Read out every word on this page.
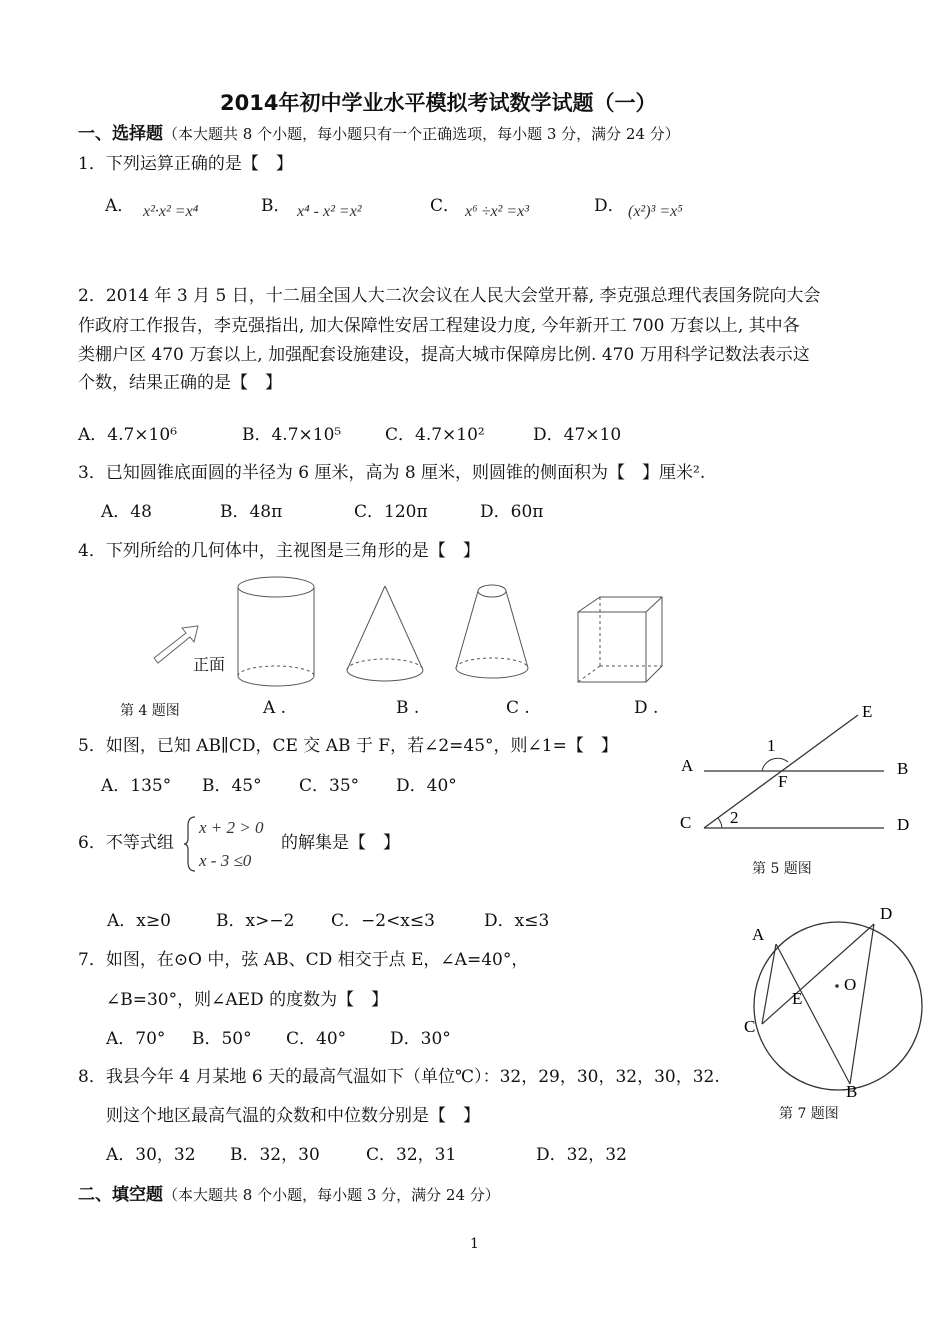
2014年初中学业水平模拟考试数学试题（一）
一、选择题（本大题共 8 个小题，每小题只有一个正确选项，每小题 3 分，满分 24 分）
1．下列运算正确的是【　】
A． x²·x² =x⁴	B． x⁴ - x² =x²	C． x⁶ ÷x² =x³	D． (x²)³ =x⁵
2．2014 年 3 月 5 日，十二届全国人大二次会议在人民大会堂开幕, 李克强总理代表国务院向大会
作政府工作报告，李克强指出, 加大保障性安居工程建设力度, 今年新开工 700 万套以上, 其中各
类棚户区 470 万套以上, 加强配套设施建设，提高大城市保障房比例. 470 万用科学记数法表示这
个数，结果正确的是【　】
A．4.7×10⁶	B．4.7×10⁵	C．4.7×10²	D．47×10
3．已知圆锥底面圆的半径为 6 厘米，高为 8 厘米，则圆锥的侧面积为【　】厘米².
A．48	B．48π	C．120π	D．60π
4．下列所给的几何体中，主视图是三角形的是【　】
正面
第 4 题图	A .	B .	C .	D .
5．如图，已知 AB∥CD，CE 交 AB 于 F，若∠2=45°，则∠1=【　】
A．135° B．45° C．35° D．40°
E
1
A	B
F
C 2	D
第 5 题图
6．不等式组
x + 2 > 0
x - 3 ≤0
的解集是【　】
A．x≥0	B．x>−2 C．−2<x≤3	D．x≤3
7．如图，在⊙O 中，弦 AB、CD 相交于点 E，∠A=40°，
∠B=30°，则∠AED 的度数为【　】
A．70° B．50° C．40°	D．30°
D
A
O
E
C
B
第 7 题图
8．我县今年 4 月某地 6 天的最高气温如下（单位℃）：32，29，30，32，30，32.
则这个地区最高气温的众数和中位数分别是【　】
A．30，32 B．32，30	C．32，31	D．32，32
二、填空题（本大题共 8 个小题，每小题 3 分，满分 24 分）
1
